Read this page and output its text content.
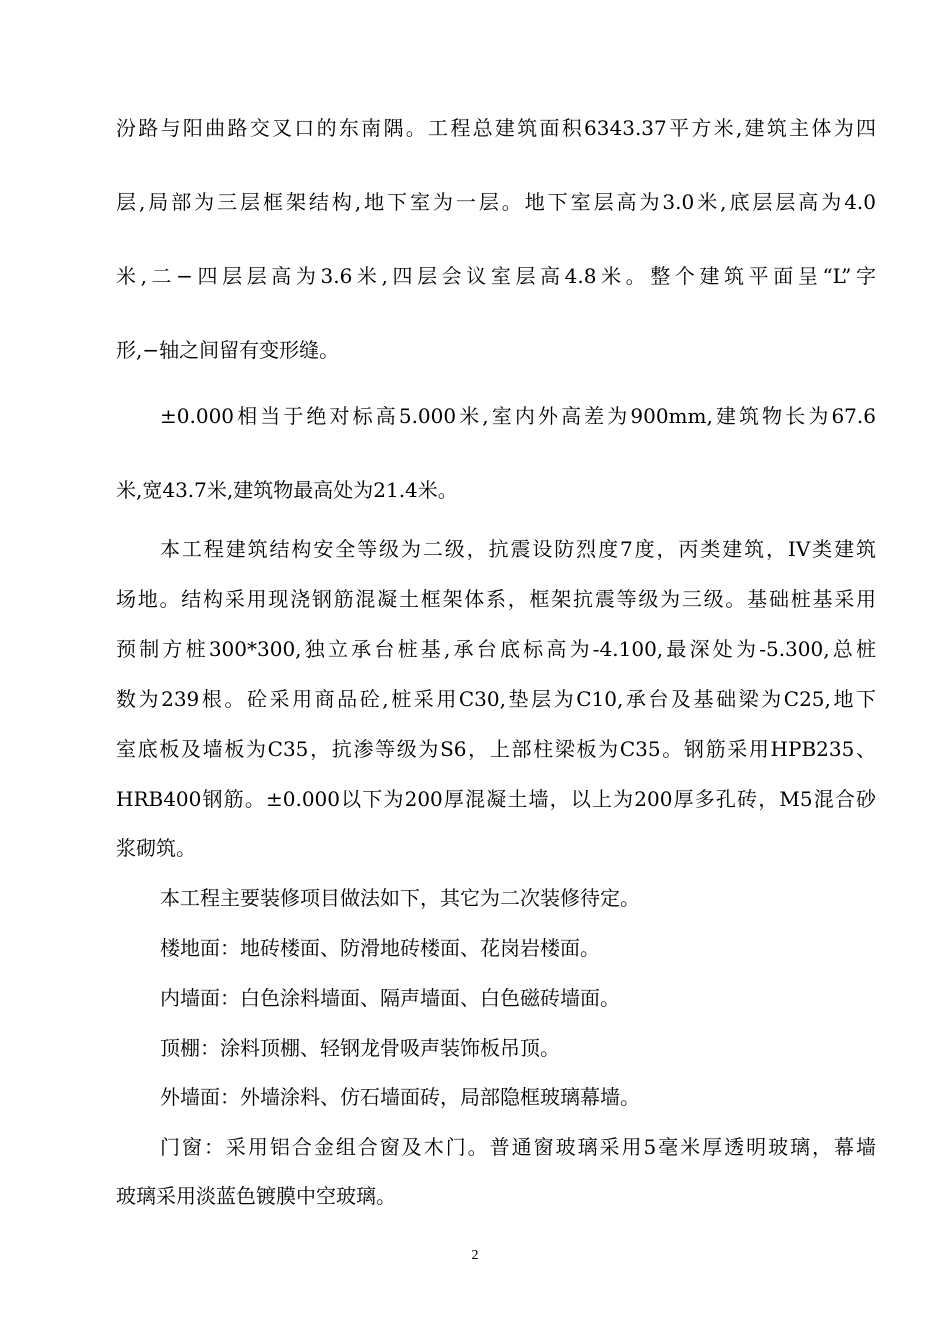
汾路与阳曲路交叉口的东南隅。工程总建筑面积6343.37平方米,建筑主体为四

层,局部为三层框架结构,地下室为一层。地下室层高为3.0米,底层层高为4.0

米,二−四层层高为3.6米,四层会议室层高4.8米。整个建筑平面呈“L”字

形,−轴之间留有变形缝。

±0.000相当于绝对标高5.000米,室内外高差为900mm,建筑物长为67.6

米,宽43.7米,建筑物最高处为21.4米。

本工程建筑结构安全等级为二级，抗震设防烈度7度，丙类建筑，IV类建筑

场地。结构采用现浇钢筋混凝土框架体系，框架抗震等级为三级。基础桩基采用

预制方桩300*300,独立承台桩基,承台底标高为-4.100,最深处为-5.300,总桩

数为239根。砼采用商品砼,桩采用C30,垫层为C10,承台及基础梁为C25,地下

室底板及墙板为C35，抗渗等级为S6，上部柱梁板为C35。钢筋采用HPB235、

HRB400钢筋。±0.000以下为200厚混凝土墙，以上为200厚多孔砖，M5混合砂

浆砌筑。

本工程主要装修项目做法如下，其它为二次装修待定。

楼地面：地砖楼面、防滑地砖楼面、花岗岩楼面。

内墙面：白色涂料墙面、隔声墙面、白色磁砖墙面。

顶棚：涂料顶棚、轻钢龙骨吸声装饰板吊顶。

外墙面：外墙涂料、仿石墙面砖，局部隐框玻璃幕墙。

门窗：采用铝合金组合窗及木门。普通窗玻璃采用5毫米厚透明玻璃，幕墙

玻璃采用淡蓝色镀膜中空玻璃。

2
